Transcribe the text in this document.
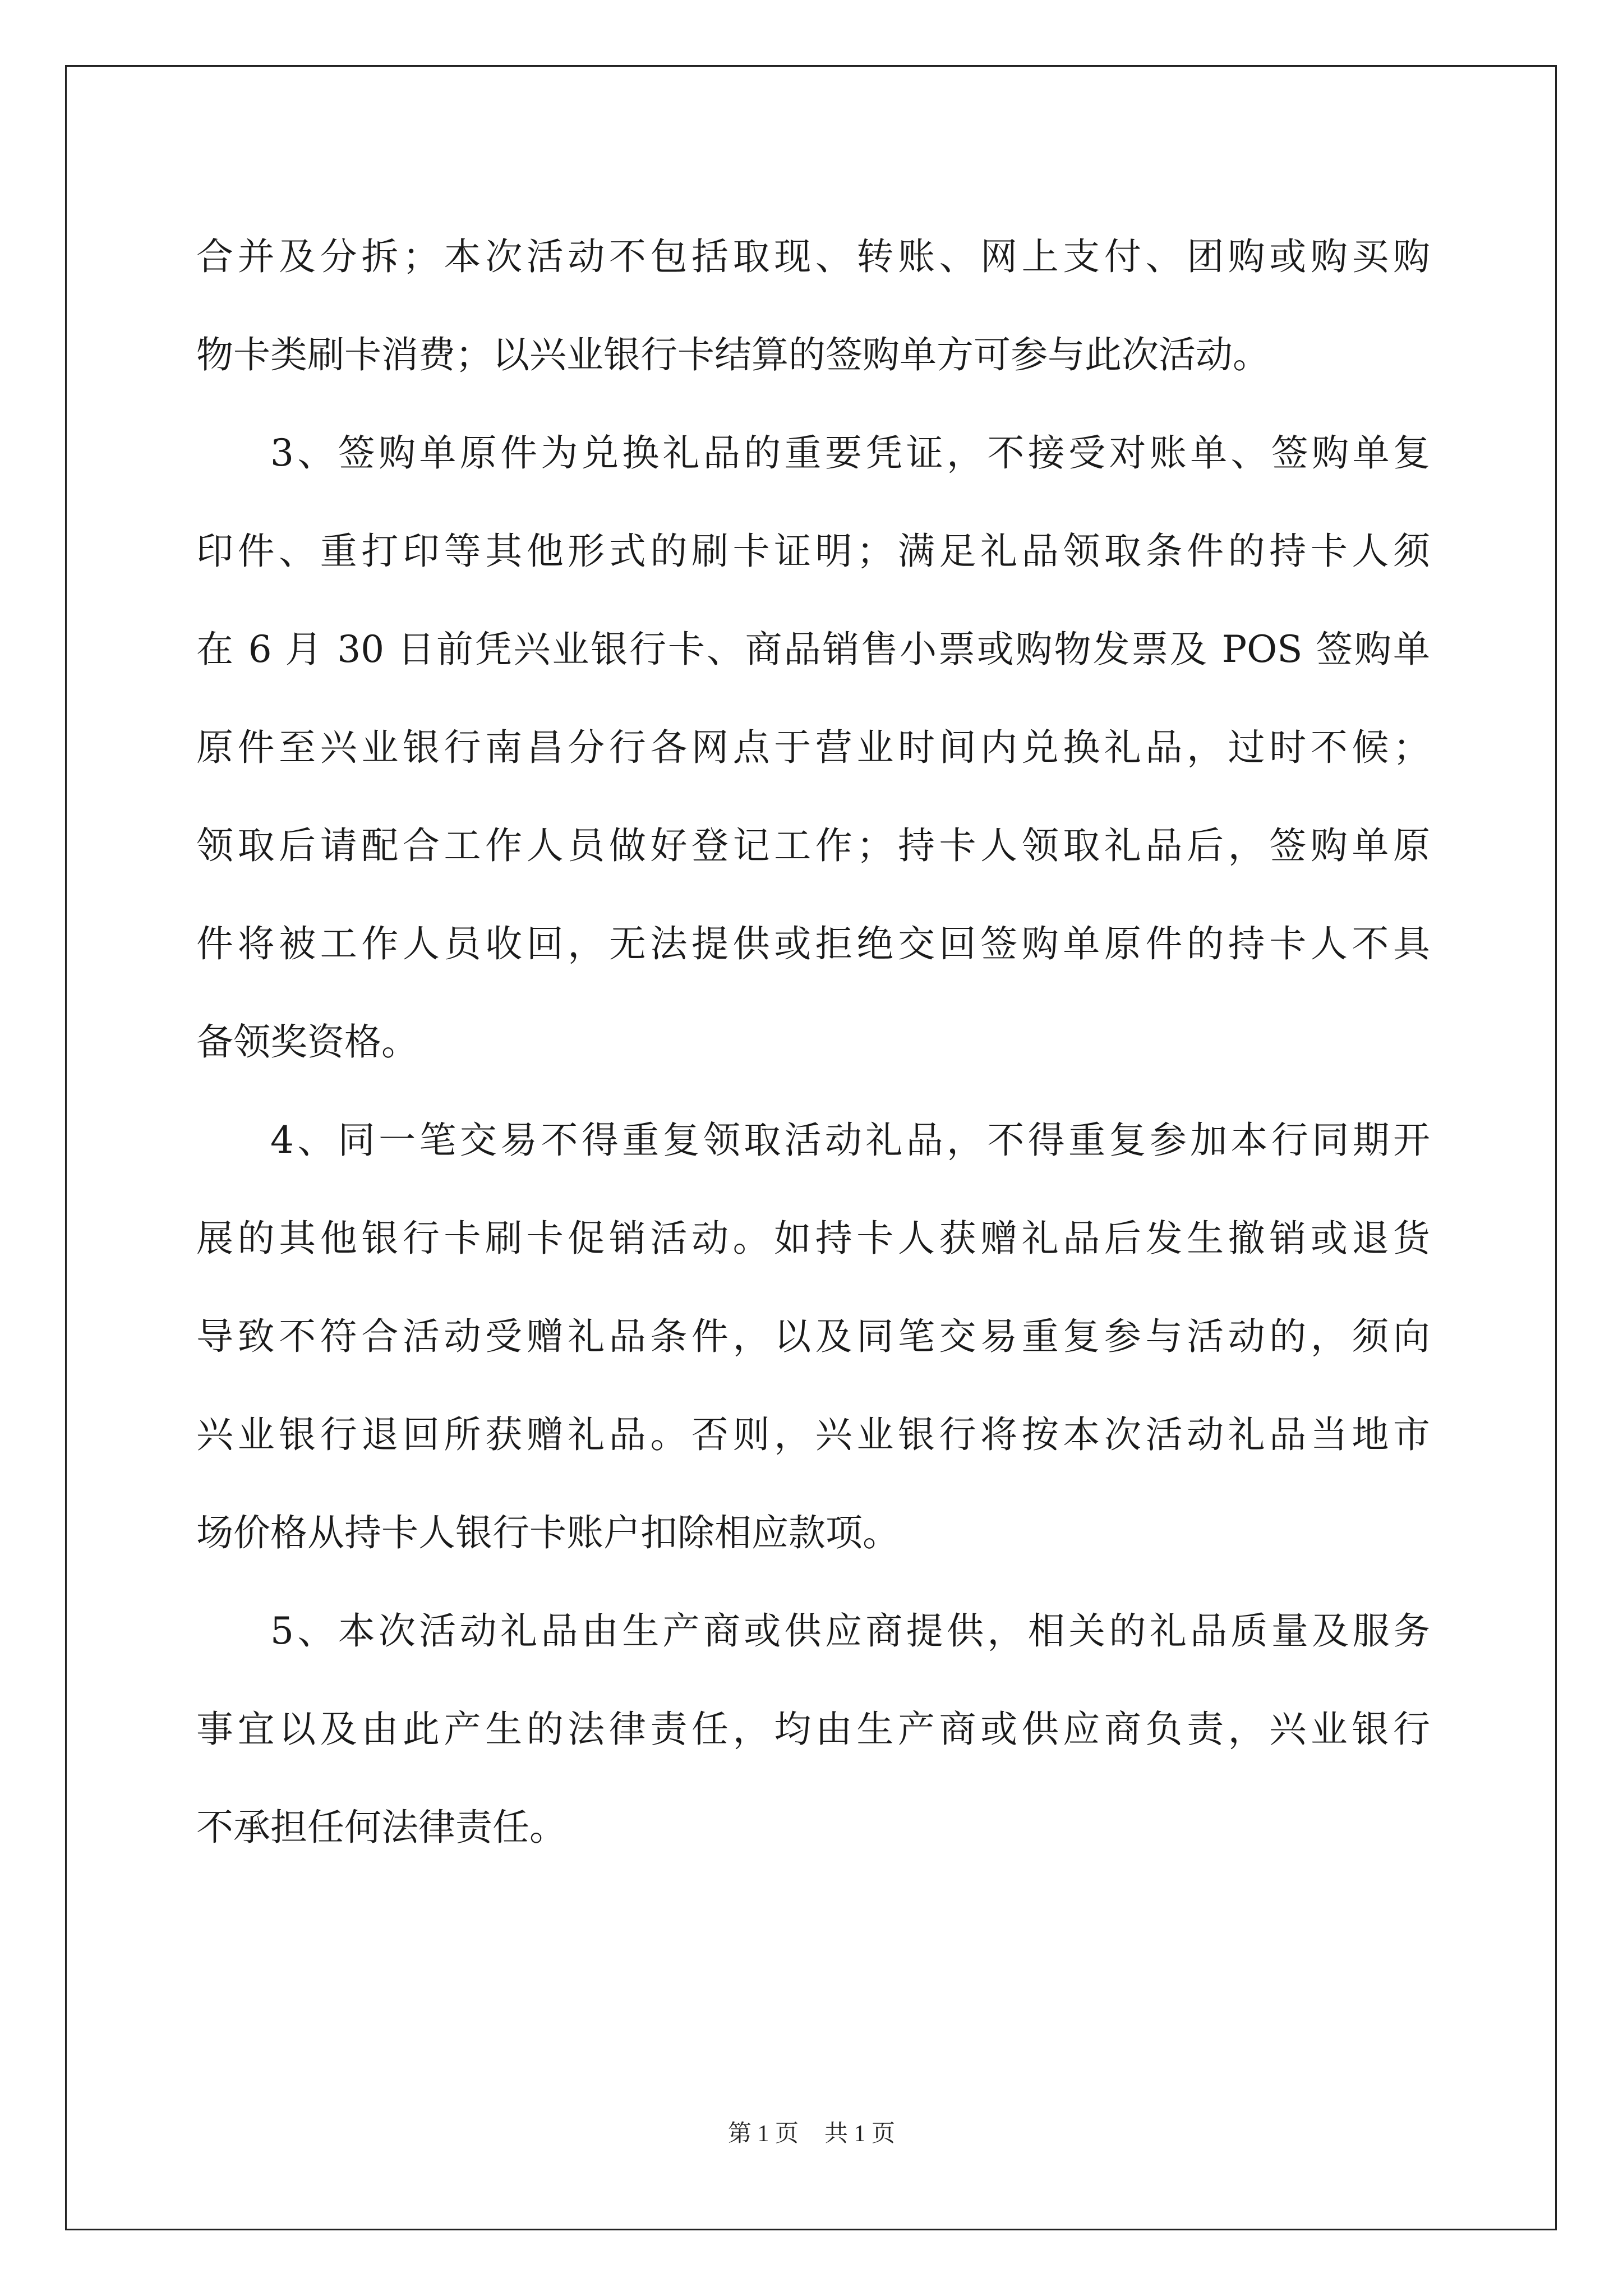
合并及分拆；本次活动不包括取现、转账、网上支付、团购或购买购
物卡类刷卡消费；以兴业银行卡结算的签购单方可参与此次活动。
3、签购单原件为兑换礼品的重要凭证，不接受对账单、签购单复
印件、重打印等其他形式的刷卡证明；满足礼品领取条件的持卡人须
在 6 月 30 日前凭兴业银行卡、商品销售小票或购物发票及 POS 签购单
原件至兴业银行南昌分行各网点于营业时间内兑换礼品，过时不候；
领取后请配合工作人员做好登记工作；持卡人领取礼品后，签购单原
件将被工作人员收回，无法提供或拒绝交回签购单原件的持卡人不具
备领奖资格。
4、同一笔交易不得重复领取活动礼品，不得重复参加本行同期开
展的其他银行卡刷卡促销活动。如持卡人获赠礼品后发生撤销或退货
导致不符合活动受赠礼品条件，以及同笔交易重复参与活动的，须向
兴业银行退回所获赠礼品。否则，兴业银行将按本次活动礼品当地市
场价格从持卡人银行卡账户扣除相应款项。
5、本次活动礼品由生产商或供应商提供，相关的礼品质量及服务
事宜以及由此产生的法律责任，均由生产商或供应商负责，兴业银行
不承担任何法律责任。
第 1 页 共 1 页
